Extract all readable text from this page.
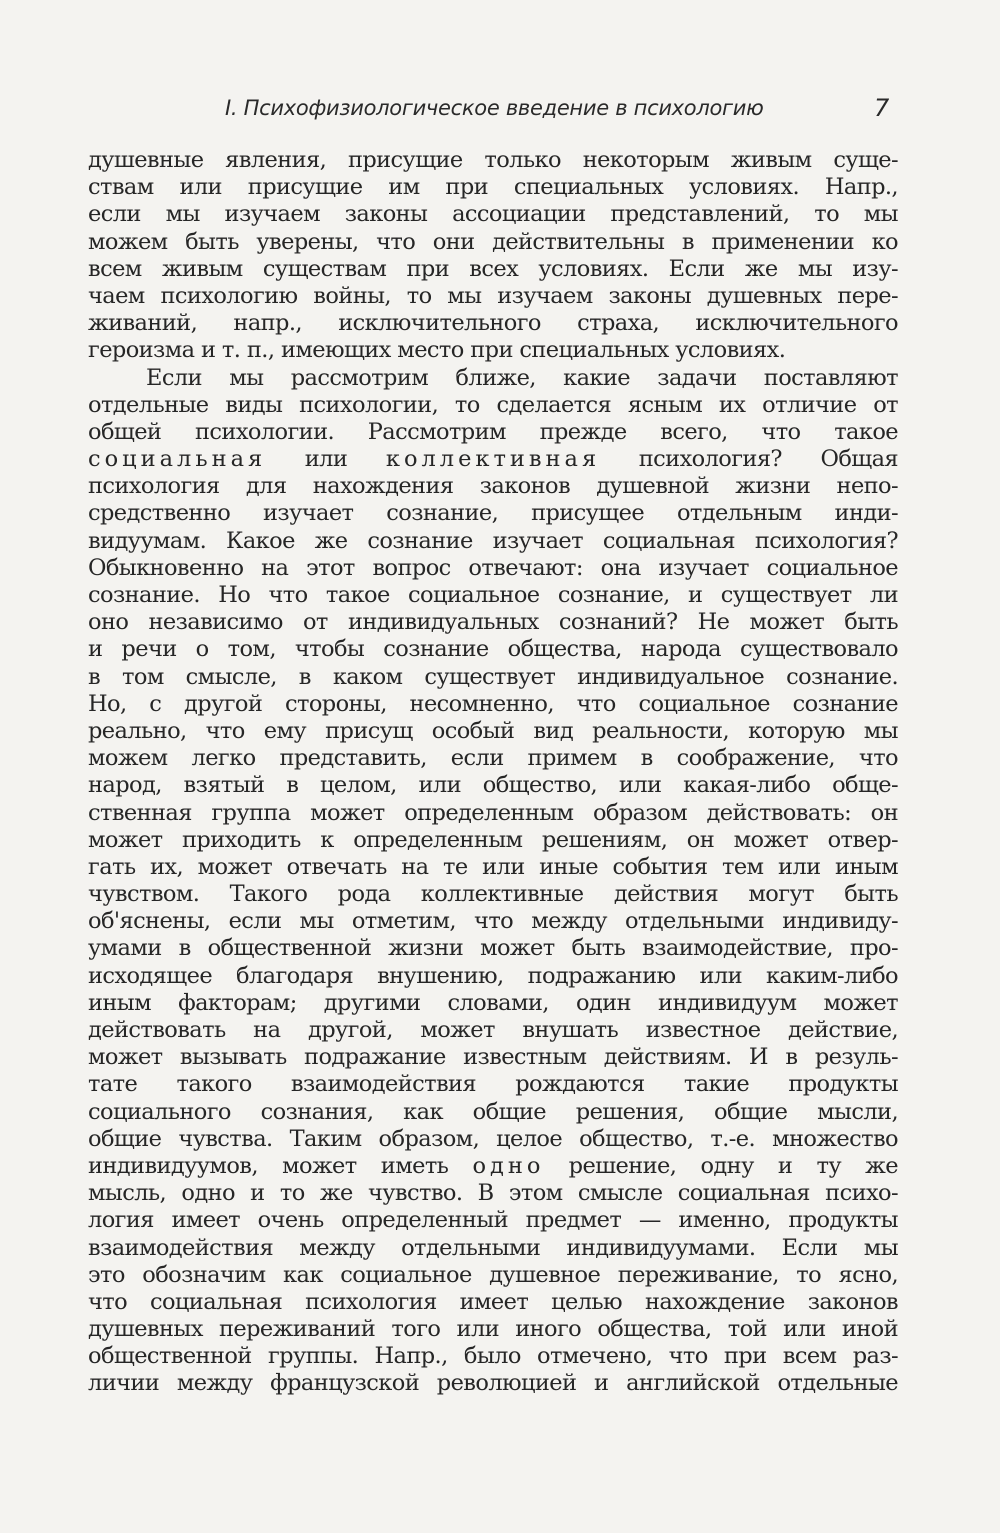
I. Психофизиологическое введение в психологию	7
душевные явления, присущие только некоторым живым суще-
ствам или присущие им при специальных условиях. Напр.,
если мы изучаем законы ассоциации представлений, то мы
можем быть уверены, что они действительны в применении ко
всем живым существам при всех условиях. Если же мы изу-
чаем психологию войны, то мы изучаем законы душевных пере-
живаний, напр., исключительного страха, исключительного
героизма и т. п., имеющих место при специальных условиях.
Если мы рассмотрим ближе, какие задачи поставляют
отдельные виды психологии, то сделается ясным их отличие от
общей психологии. Рассмотрим прежде всего, что такое
социальная или коллективная психология? Общая
психология для нахождения законов душевной жизни непо-
средственно изучает сознание, присущее отдельным инди-
видуумам. Какое же сознание изучает социальная психология?
Обыкновенно на этот вопрос отвечают: она изучает социальное
сознание. Но что такое социальное сознание, и существует ли
оно независимо от индивидуальных сознаний? Не может быть
и речи о том, чтобы сознание общества, народа существовало
в том смысле, в каком существует индивидуальное сознание.
Но, с другой стороны, несомненно, что социальное сознание
реально, что ему присущ особый вид реальности, которую мы
можем легко представить, если примем в соображение, что
народ, взятый в целом, или общество, или какая-либо обще-
ственная группа может определенным образом действовать: он
может приходить к определенным решениям, он может отвер-
гать их, может отвечать на те или иные события тем или иным
чувством. Такого рода коллективные действия могут быть
об'яснены, если мы отметим, что между отдельными индивиду-
умами в общественной жизни может быть взаимодействие, про-
исходящее благодаря внушению, подражанию или каким-либо
иным факторам; другими словами, один индивидуум может
действовать на другой, может внушать известное действие,
может вызывать подражание известным действиям. И в резуль-
тате такого взаимодействия рождаются такие продукты
социального сознания, как общие решения, общие мысли,
общие чувства. Таким образом, целое общество, т.-е. множество
индивидуумов, может иметь одно решение, одну и ту же
мысль, одно и то же чувство. В этом смысле социальная психо-
логия имеет очень определенный предмет — именно, продукты
взаимодействия между отдельными индивидуумами. Если мы
это обозначим как социальное душевное переживание, то ясно,
что социальная психология имеет целью нахождение законов
душевных переживаний того или иного общества, той или иной
общественной группы. Напр., было отмечено, что при всем раз-
личии между французской революцией и английской отдельные
